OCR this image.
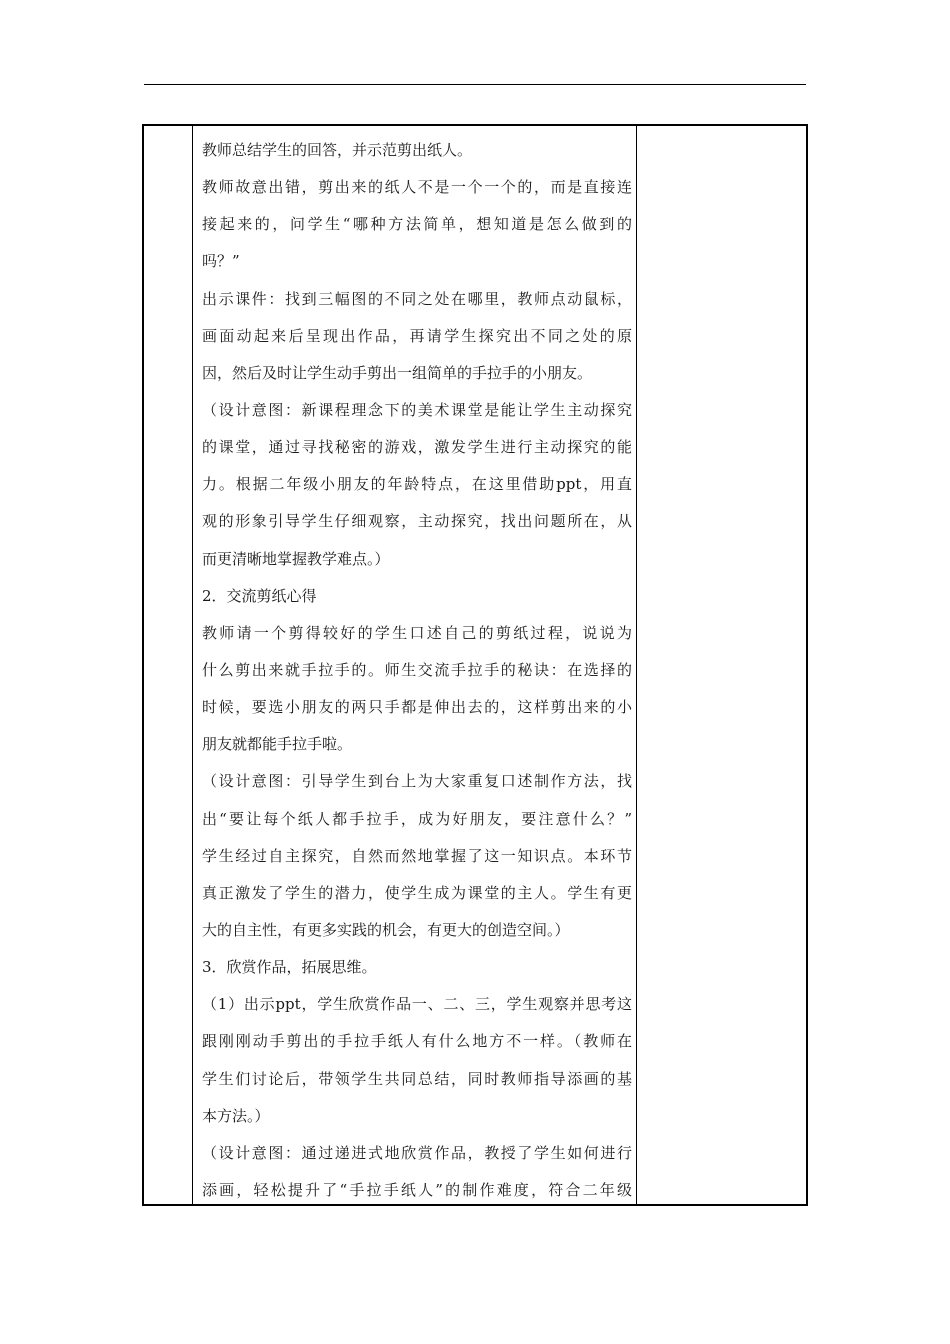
教师总结学生的回答，并示范剪出纸人。
教师故意出错，剪出来的纸人不是一个一个的，而是直接连
接起来的，问学生“哪种方法简单，想知道是怎么做到的
吗？”
出示课件：找到三幅图的不同之处在哪里，教师点动鼠标，
画面动起来后呈现出作品，再请学生探究出不同之处的原
因，然后及时让学生动手剪出一组简单的手拉手的小朋友。
（设计意图：新课程理念下的美术课堂是能让学生主动探究
的课堂，通过寻找秘密的游戏，激发学生进行主动探究的能
力。根据二年级小朋友的年龄特点，在这里借助ppt，用直
观的形象引导学生仔细观察，主动探究，找出问题所在，从
而更清晰地掌握教学难点。）
2．交流剪纸心得
教师请一个剪得较好的学生口述自己的剪纸过程，说说为
什么剪出来就手拉手的。师生交流手拉手的秘诀：在选择的
时候，要选小朋友的两只手都是伸出去的，这样剪出来的小
朋友就都能手拉手啦。
（设计意图：引导学生到台上为大家重复口述制作方法，找
出“要让每个纸人都手拉手，成为好朋友，要注意什么？”
学生经过自主探究，自然而然地掌握了这一知识点。本环节
真正激发了学生的潜力，使学生成为课堂的主人。学生有更
大的自主性，有更多实践的机会，有更大的创造空间。）
3．欣赏作品，拓展思维。
（1）出示ppt，学生欣赏作品一、二、三，学生观察并思考这
跟刚刚动手剪出的手拉手纸人有什么地方不一样。（教师在
学生们讨论后，带领学生共同总结，同时教师指导添画的基
本方法。）
（设计意图：通过递进式地欣赏作品，教授了学生如何进行
添画，轻松提升了“手拉手纸人”的制作难度，符合二年级
